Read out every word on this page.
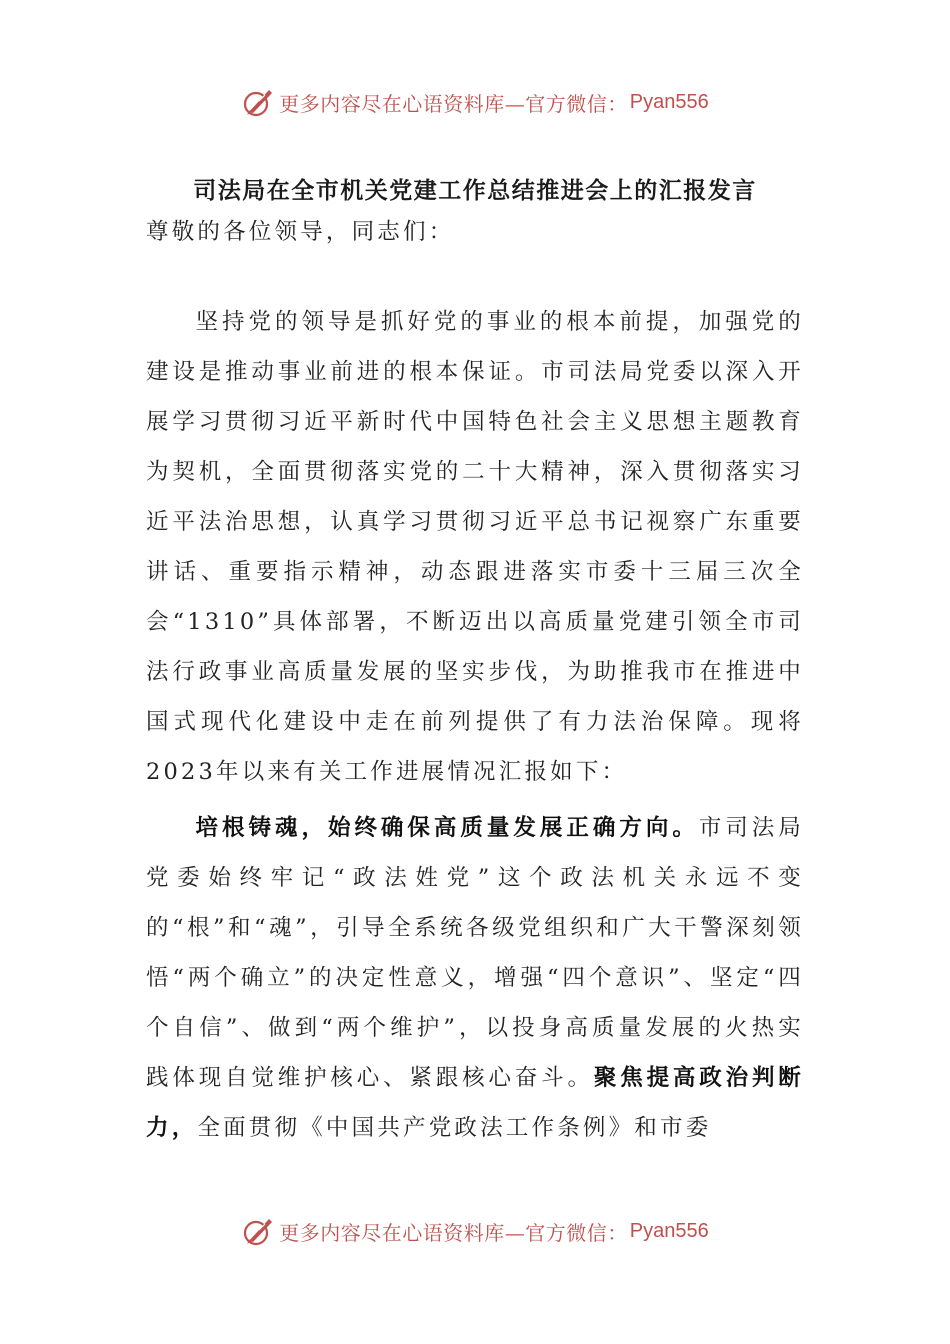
更多内容尽在心语资料库—官方微信： Pyan556
司法局在全市机关党建工作总结推进会上的汇报发言

尊敬的各位领导，同志们：

坚持党的领导是抓好党的事业的根本前提，加强党的建设是推动事业前进的根本保证。市司法局党委以深入开展学习贯彻习近平新时代中国特色社会主义思想主题教育为契机，全面贯彻落实党的二十大精神，深入贯彻落实习近平法治思想，认真学习贯彻习近平总书记视察广东重要讲话、重要指示精神，动态跟进落实市委十三届三次全会“1310”具体部署，不断迈出以高质量党建引领全市司法行政事业高质量发展的坚实步伐，为助推我市在推进中国式现代化建设中走在前列提供了有力法治保障。现将2023年以来有关工作进展情况汇报如下：

培根铸魂，始终确保高质量发展正确方向。市司法局党委始终牢记“政法姓党”这个政法机关永远不变的“根”和“魂”，引导全系统各级党组织和广大干警深刻领悟“两个确立”的决定性意义，增强“四个意识”、坚定“四个自信”、做到“两个维护”，以投身高质量发展的火热实践体现自觉维护核心、紧跟核心奋斗。聚焦提高政治判断力，全面贯彻《中国共产党政法工作条例》和市委

更多内容尽在心语资料库—官方微信： Pyan556
